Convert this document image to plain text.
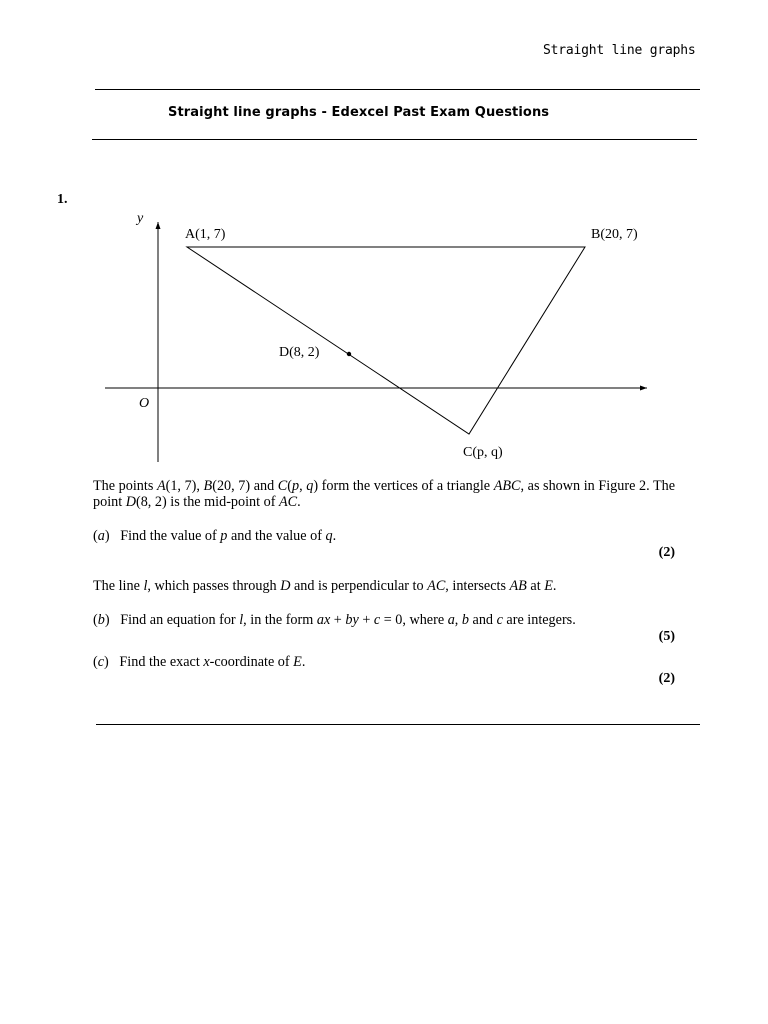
Straight line graphs
Straight line graphs - Edexcel Past Exam Questions
1.
y
O
A(1, 7)	B(20, 7)
C(p, q)
D(8, 2)
The points A(1, 7), B(20, 7) and C(p, q) form the vertices of a triangle ABC, as shown in Figure 2. The point D(8, 2) is the mid-point of AC.
(a)   Find the value of p and the value of q.
(2)
The line l, which passes through D and is perpendicular to AC, intersects AB at E.
(b)   Find an equation for l, in the form ax + by + c = 0, where a, b and c are integers.
(5)
(c)   Find the exact x-coordinate of E.
(2)
